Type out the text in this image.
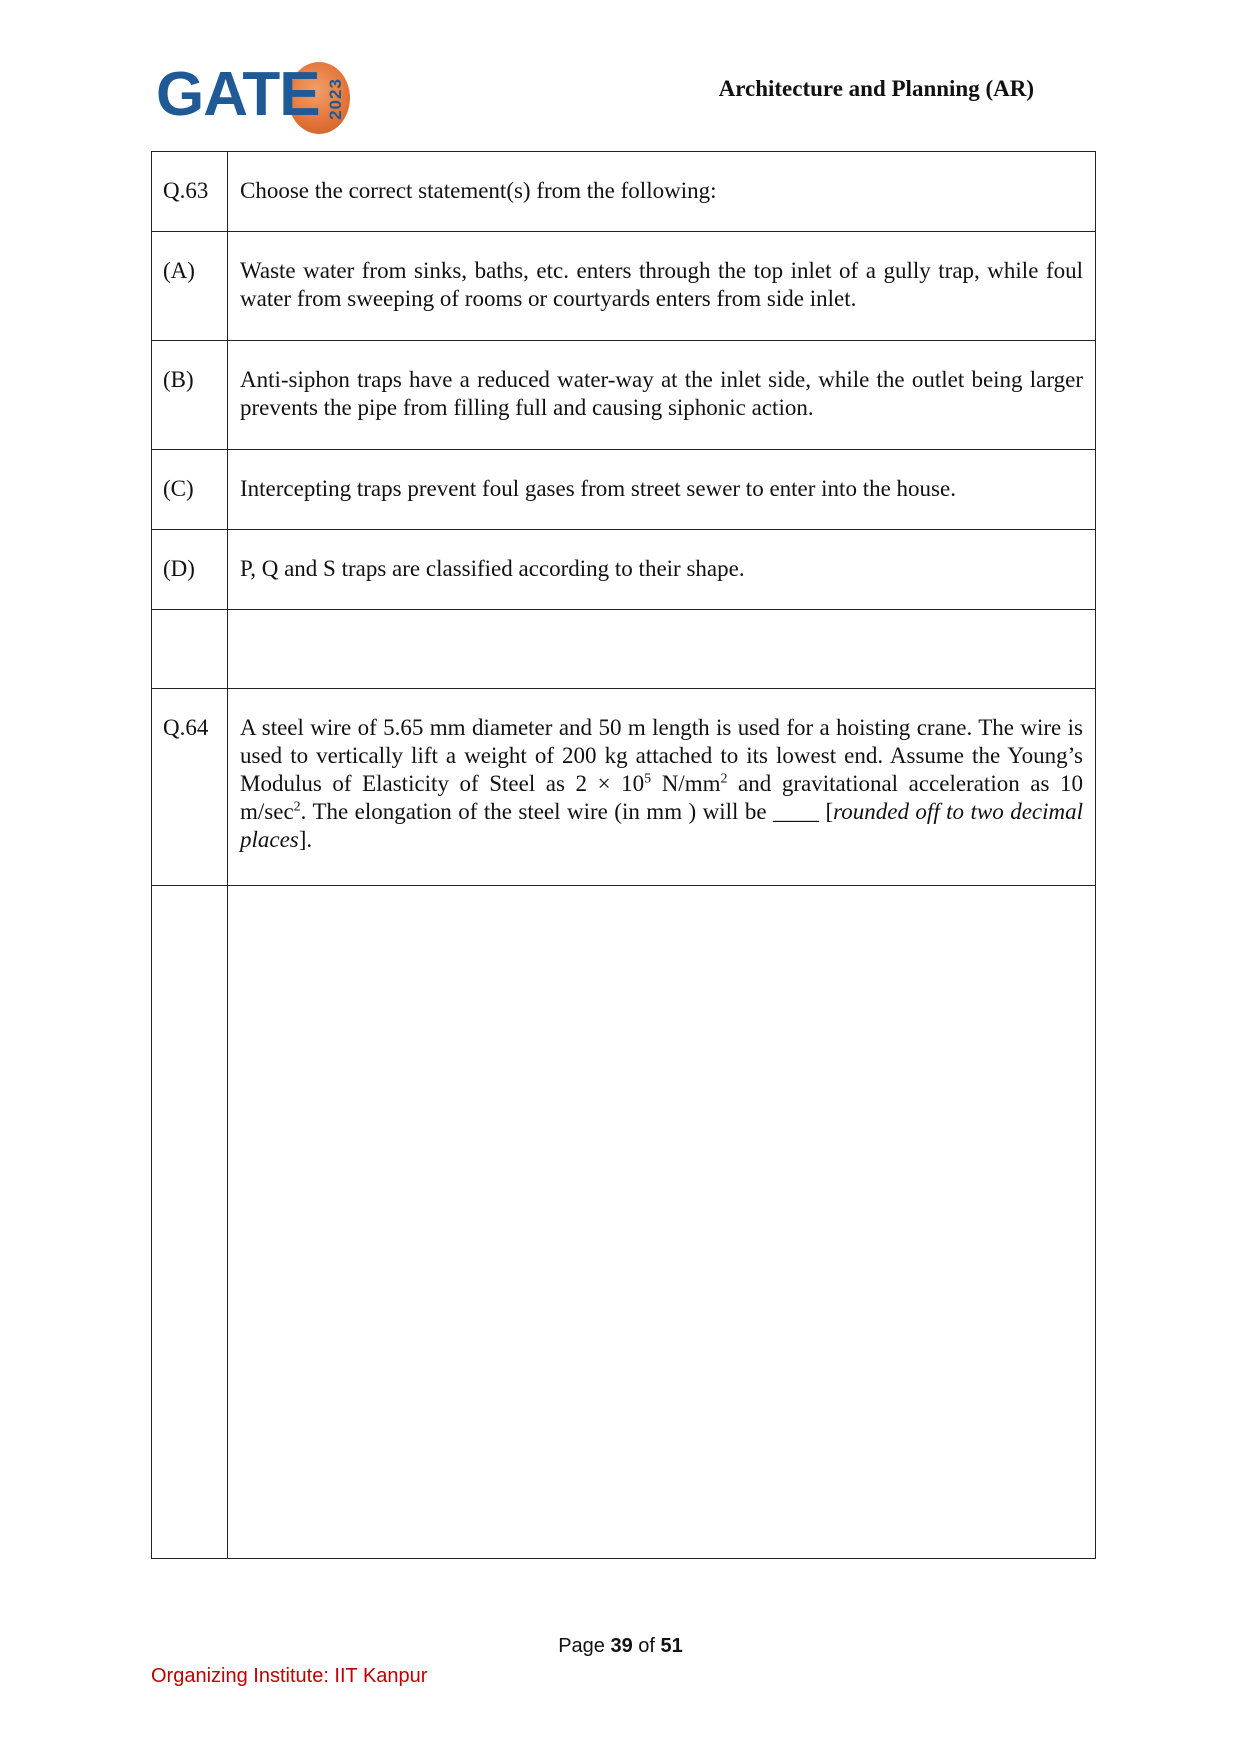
GATE 2023	Architecture and Planning (AR)
Q.63	Choose the correct statement(s) from the following:
(A)	Waste water from sinks, baths, etc. enters through the top inlet of a gully trap, while foul water from sweeping of rooms or courtyards enters from side inlet.
(B)	Anti-siphon traps have a reduced water-way at the inlet side, while the outlet being larger prevents the pipe from filling full and causing siphonic action.
(C)	Intercepting traps prevent foul gases from street sewer to enter into the house.
(D)	P, Q and S traps are classified according to their shape.

Q.64	A steel wire of 5.65 mm diameter and 50 m length is used for a hoisting crane. The wire is used to vertically lift a weight of 200 kg attached to its lowest end. Assume the Young’s Modulus of Elasticity of Steel as $2 \times 10^5$ $N/mm^2$ and gravitational acceleration as 10 $m/\sec^2$. The elongation of the steel wire (in mm ) will be ____ [rounded off to two decimal places].

Page 39 of 51
Organizing Institute: IIT Kanpur
